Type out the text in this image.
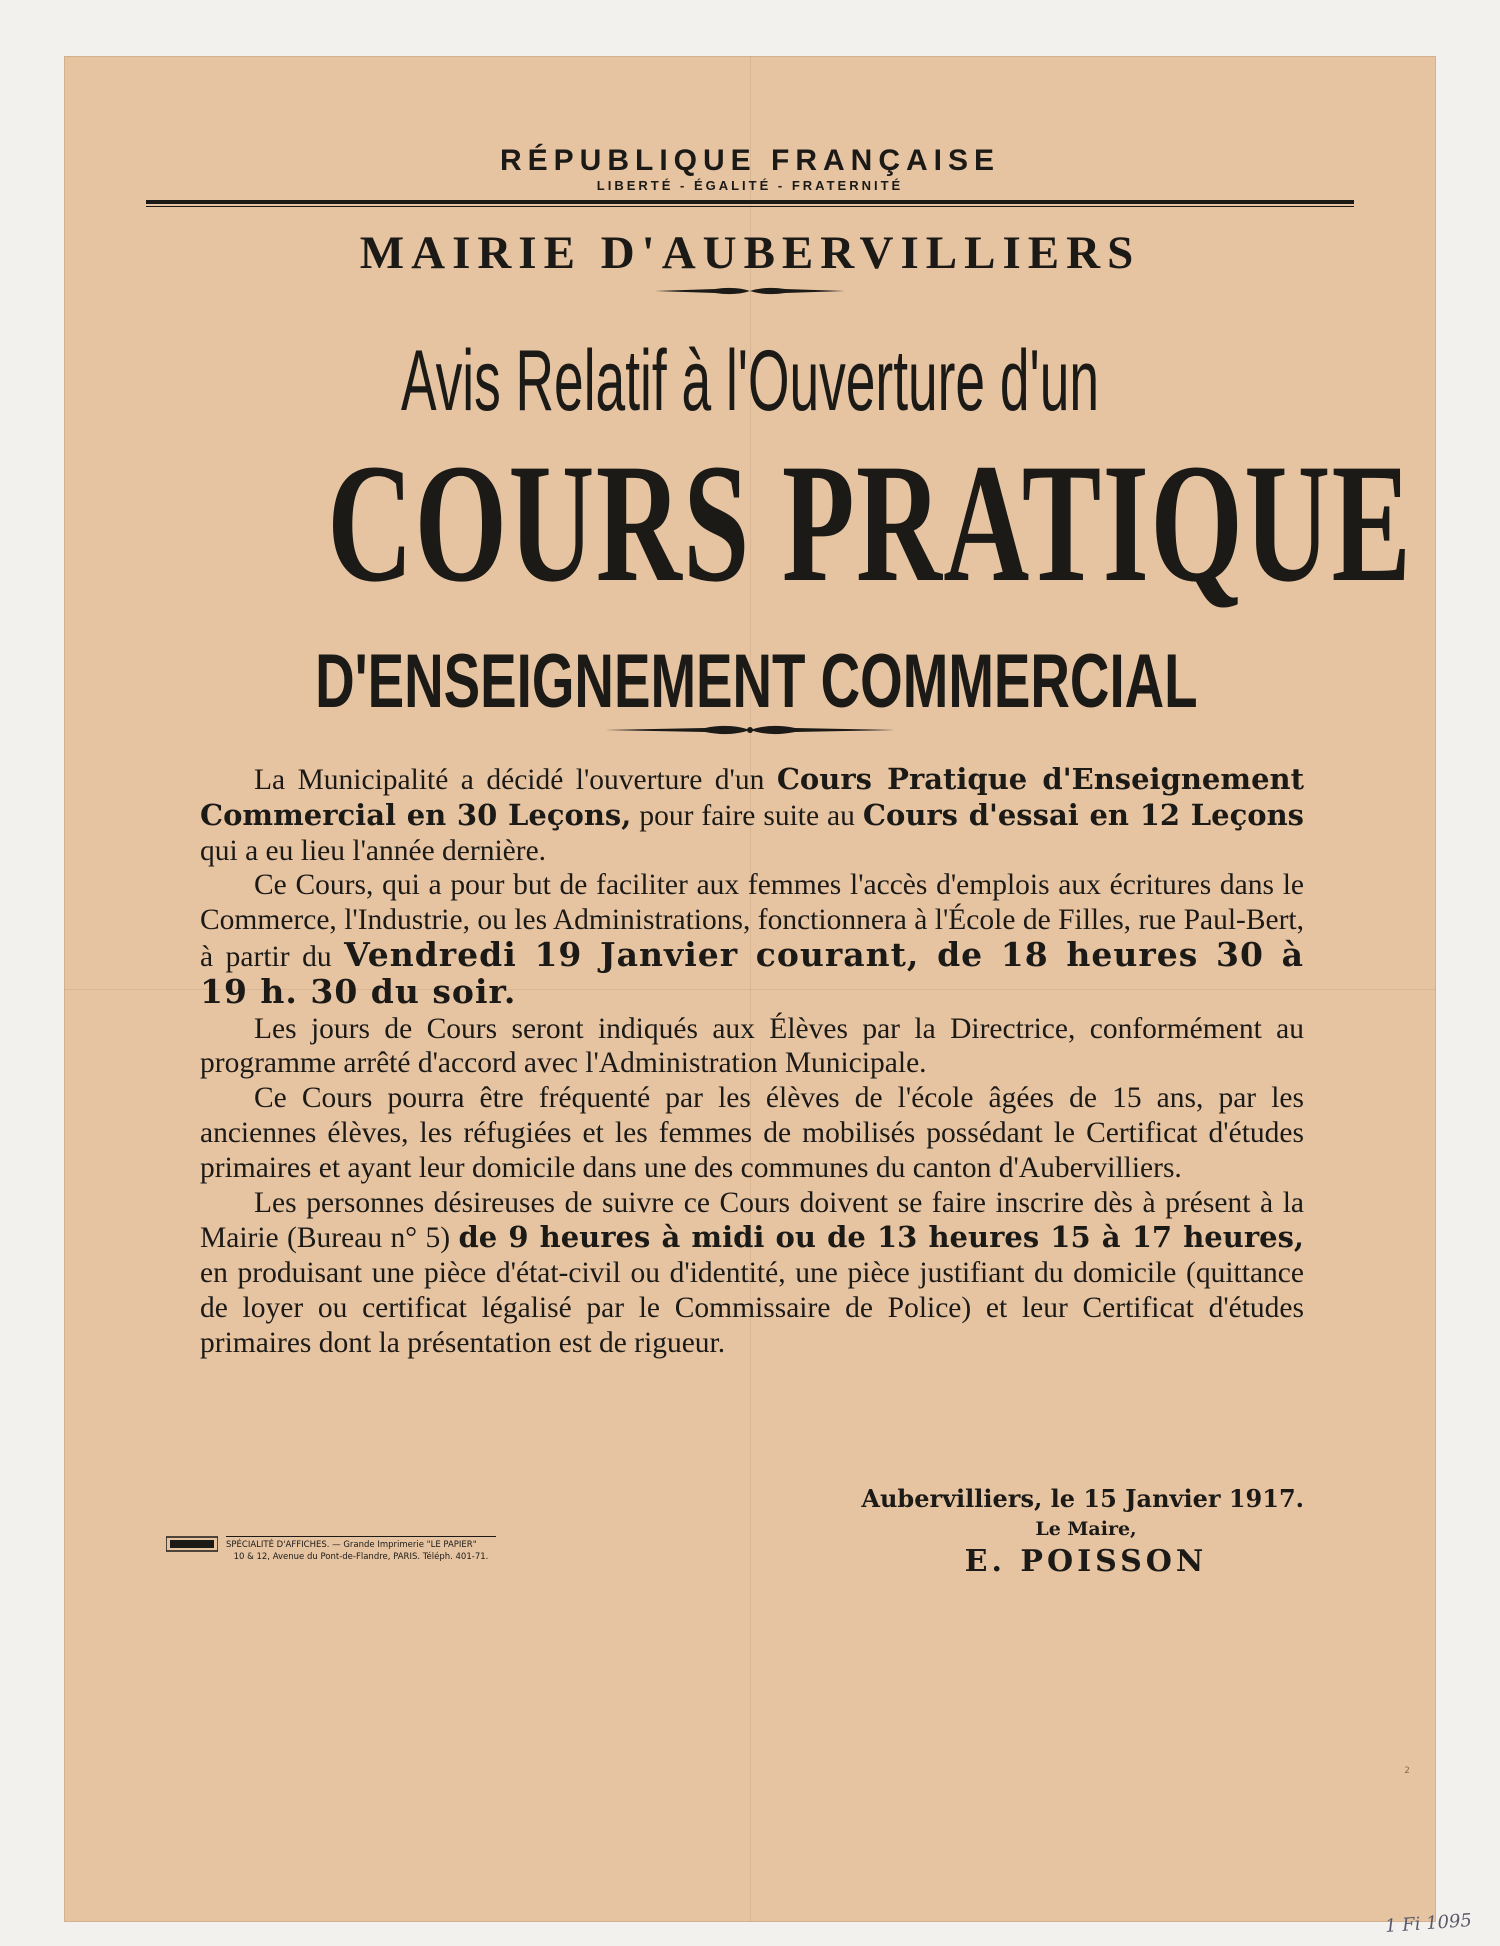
RÉPUBLIQUE FRANÇAISE
LIBERTÉ - ÉGALITÉ - FRATERNITÉ
MAIRIE D'AUBERVILLIERS
Avis Relatif à l'Ouverture d'un
COURS PRATIQUE
D'ENSEIGNEMENT COMMERCIAL

La Municipalité a décidé l'ouverture d'un Cours Pratique d'Enseignement Commercial en 30 Leçons, pour faire suite au Cours d'essai en 12 Leçons qui a eu lieu l'année dernière.

Ce Cours, qui a pour but de faciliter aux femmes l'accès d'emplois aux écritures dans le Commerce, l'Industrie, ou les Administrations, fonctionnera à l'École de Filles, rue Paul-Bert, à partir du Vendredi 19 Janvier courant, de 18 heures 30 à 19 h. 30 du soir.

Les jours de Cours seront indiqués aux Élèves par la Directrice, conformément au programme arrêté d'accord avec l'Administration Municipale.

Ce Cours pourra être fréquenté par les élèves de l'école âgées de 15 ans, par les anciennes élèves, les réfugiées et les femmes de mobilisés possédant le Certificat d'études primaires et ayant leur domicile dans une des communes du canton d'Aubervilliers.

Les personnes désireuses de suivre ce Cours doivent se faire inscrire dès à présent à la Mairie (Bureau n° 5) de 9 heures à midi ou de 13 heures 15 à 17 heures, en produisant une pièce d'état-civil ou d'identité, une pièce justifiant du domicile (quittance de loyer ou certificat légalisé par le Commissaire de Police) et leur Certificat d'études primaires dont la présentation est de rigueur.

Aubervilliers, le 15 Janvier 1917.
Le Maire,
E. POISSON
SPÉCIALITÉ D'AFFICHES. — Grande Imprimerie "LE PAPIER"
10 & 12, Avenue du Pont-de-Flandre, PARIS. Téléph. 401-71.
2
1 Fi 1095
